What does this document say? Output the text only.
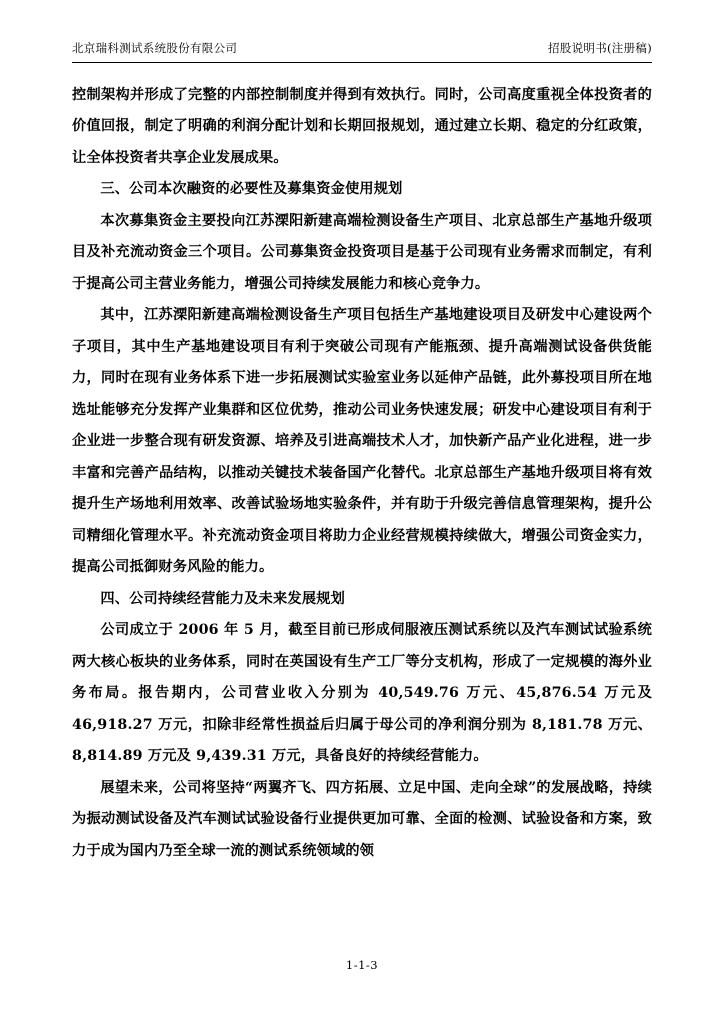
北京瑞科测试系统股份有限公司	招股说明书(注册稿)

控制架构并形成了完整的内部控制制度并得到有效执行。同时，公司高度重视全体投资者的价值回报，制定了明确的利润分配计划和长期回报规划，通过建立长期、稳定的分红政策，让全体投资者共享企业发展成果。

三、公司本次融资的必要性及募集资金使用规划

本次募集资金主要投向江苏溧阳新建高端检测设备生产项目、北京总部生产基地升级项目及补充流动资金三个项目。公司募集资金投资项目是基于公司现有业务需求而制定，有利于提高公司主营业务能力，增强公司持续发展能力和核心竞争力。

其中，江苏溧阳新建高端检测设备生产项目包括生产基地建设项目及研发中心建设两个子项目，其中生产基地建设项目有利于突破公司现有产能瓶颈、提升高端测试设备供货能力，同时在现有业务体系下进一步拓展测试实验室业务以延伸产品链，此外募投项目所在地选址能够充分发挥产业集群和区位优势，推动公司业务快速发展；研发中心建设项目有利于企业进一步整合现有研发资源、培养及引进高端技术人才，加快新产品产业化进程，进一步丰富和完善产品结构，以推动关键技术装备国产化替代。北京总部生产基地升级项目将有效提升生产场地利用效率、改善试验场地实验条件，并有助于升级完善信息管理架构，提升公司精细化管理水平。补充流动资金项目将助力企业经营规模持续做大，增强公司资金实力，提高公司抵御财务风险的能力。

四、公司持续经营能力及未来发展规划

公司成立于 2006 年 5 月，截至目前已形成伺服液压测试系统以及汽车测试试验系统两大核心板块的业务体系，同时在英国设有生产工厂等分支机构，形成了一定规模的海外业务布局。报告期内，公司营业收入分别为 40,549.76 万元、45,876.54 万元及 46,918.27 万元，扣除非经常性损益后归属于母公司的净利润分别为 8,181.78 万元、8,814.89 万元及 9,439.31 万元，具备良好的持续经营能力。

展望未来，公司将坚持“两翼齐飞、四方拓展、立足中国、走向全球”的发展战略，持续为振动测试设备及汽车测试试验设备行业提供更加可靠、全面的检测、试验设备和方案，致力于成为国内乃至全球一流的测试系统领域的领

1-1-3
